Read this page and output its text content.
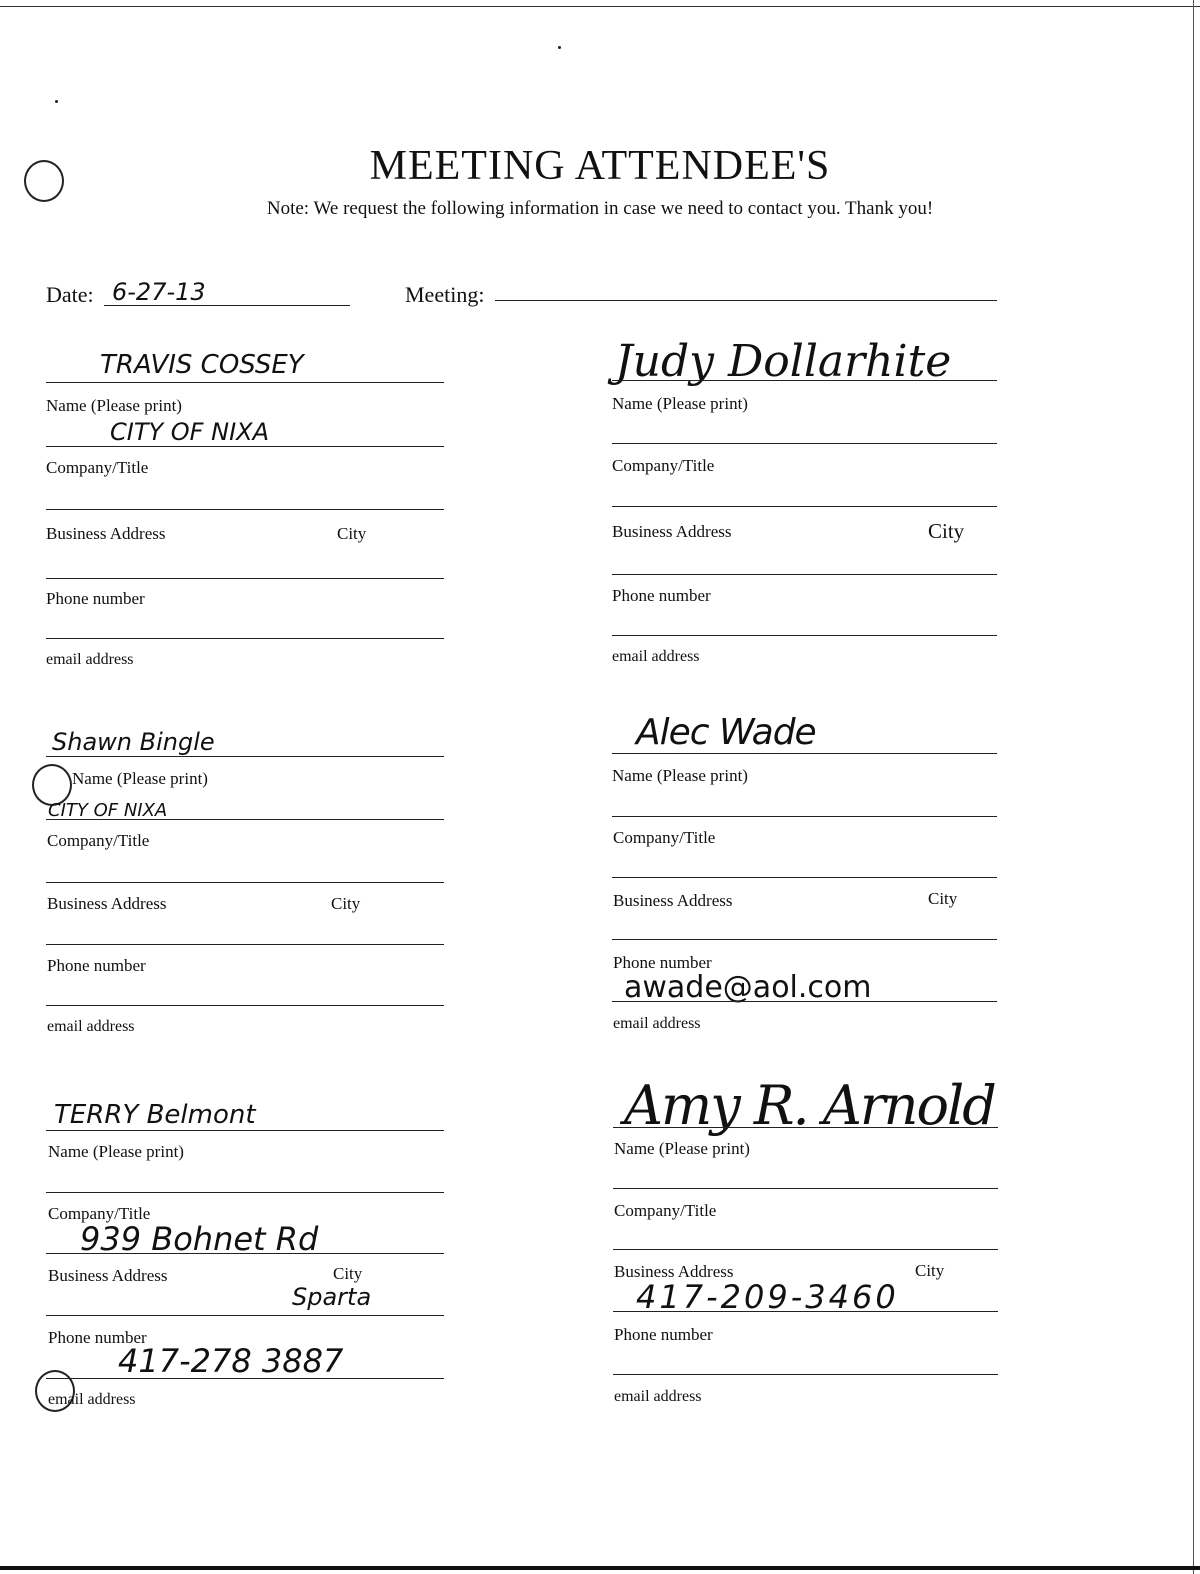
MEETING ATTENDEE'S
Note: We request the following information in case we need to contact you. Thank you!
Date: 6-27-13	Meeting:
TRAVIS COSSEY
Name (Please print)
CITY OF NIXA
Company/Title
Business Address	City
Phone number
email address
Judy Dollarhite
Name (Please print)
Company/Title
Business Address	City
Phone number
email address
Shawn Bingle
Name (Please print)
CITY OF NIXA
Company/Title
Business Address	City
Phone number
email address
Alec Wade
Name (Please print)
Company/Title
Business Address	City
Phone number
awade@aol.com
email address
TERRY Belmont
Name (Please print)
Company/Title
939 Bohnet Rd
Business Address	City
Sparta
Phone number
417-278 3887
email address
Amy R. Arnold
Name (Please print)
Company/Title
Business Address	City
417-209-3460
Phone number
email address
